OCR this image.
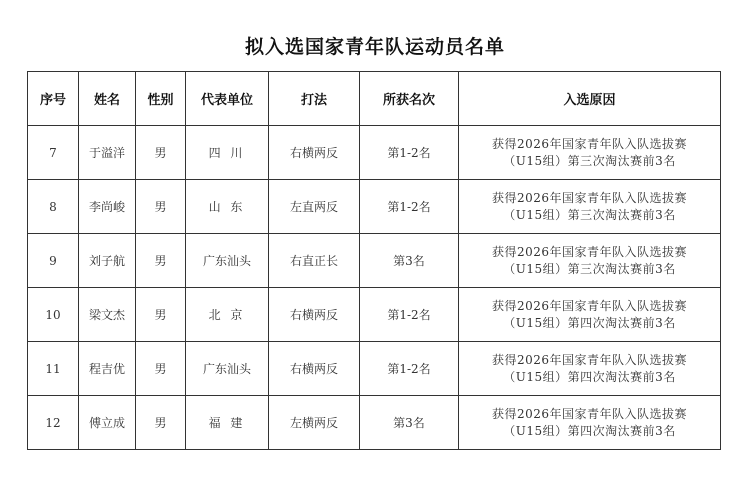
拟入选国家青年队运动员名单
序号	姓名	性别	代表单位	打法	所获名次	入选原因
7	于溢洋	男	四 川	右横两反	第1-2名	获得2026年国家青年队入队选拔赛
（U15组）第三次淘汰赛前3名

8	李尚峻	男	山 东	左直两反	第1-2名	获得2026年国家青年队入队选拔赛
（U15组）第三次淘汰赛前3名

9	刘子航	男	广东汕头	右直正长	第3名	获得2026年国家青年队入队选拔赛
（U15组）第三次淘汰赛前3名

10	梁文杰	男	北 京	右横两反	第1-2名	获得2026年国家青年队入队选拔赛
（U15组）第四次淘汰赛前3名

11	程吉优	男	广东汕头	右横两反	第1-2名	获得2026年国家青年队入队选拔赛
（U15组）第四次淘汰赛前3名

12	傅立成	男	福 建	左横两反	第3名	获得2026年国家青年队入队选拔赛
（U15组）第四次淘汰赛前3名
